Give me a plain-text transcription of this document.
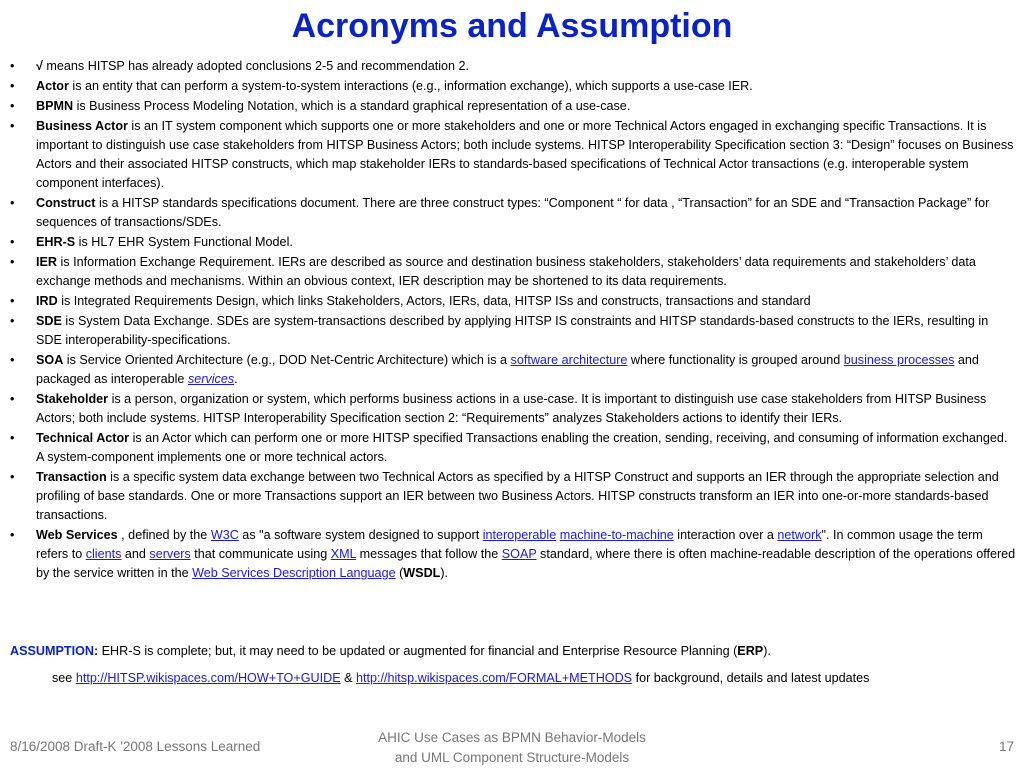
Acronyms and Assumption
• √ means HITSP has already adopted conclusions 2-5 and recommendation 2.
• Actor is an entity that can perform a system-to-system interactions (e.g., information exchange), which supports a use-case IER.
• BPMN is Business Process Modeling Notation, which is a standard graphical representation of a use-case.
• Business Actor is an IT system component which supports one or more stakeholders and one or more Technical Actors engaged in exchanging specific Transactions. It is important to distinguish use case stakeholders from HITSP Business Actors; both include systems. HITSP Interoperability Specification section 3: “Design” focuses on Business Actors and their associated HITSP constructs, which map stakeholder IERs to standards-based specifications of Technical Actor transactions (e.g. interoperable system component interfaces).
• Construct is a HITSP standards specifications document. There are three construct types: “Component “ for data , “Transaction” for an SDE and “Transaction Package” for sequences of transactions/SDEs.
• EHR-S is HL7 EHR System Functional Model.
• IER is Information Exchange Requirement. IERs are described as source and destination business stakeholders, stakeholders’ data requirements and stakeholders’ data exchange methods and mechanisms. Within an obvious context, IER description may be shortened to its data requirements.
• IRD is Integrated Requirements Design, which links Stakeholders, Actors, IERs, data, HITSP ISs and constructs, transactions and standard
• SDE is System Data Exchange. SDEs are system-transactions described by applying HITSP IS constraints and HITSP standards-based constructs to the IERs, resulting in SDE interoperability-specifications.
• SOA is Service Oriented Architecture (e.g., DOD Net-Centric Architecture) which is a software architecture where functionality is grouped around business processes and packaged as interoperable services.
• Stakeholder is a person, organization or system, which performs business actions in a use-case. It is important to distinguish use case stakeholders from HITSP Business Actors; both include systems. HITSP Interoperability Specification section 2: “Requirements” analyzes Stakeholders actions to identify their IERs.
• Technical Actor is an Actor which can perform one or more HITSP specified Transactions enabling the creation, sending, receiving, and consuming of information exchanged. A system-component implements one or more technical actors.
• Transaction is a specific system data exchange between two Technical Actors as specified by a HITSP Construct and supports an IER through the appropriate selection and profiling of base standards. One or more Transactions support an IER between two Business Actors. HITSP constructs transform an IER into one-or-more standards-based transactions.
• Web Services , defined by the W3C as "a software system designed to support interoperable machine-to-machine interaction over a network". In common usage the term refers to clients and servers that communicate using XML messages that follow the SOAP standard, where there is often machine-readable description of the operations offered by the service written in the Web Services Description Language (WSDL).
ASSUMPTION: EHR-S is complete; but, it may need to be updated or augmented for financial and Enterprise Resource Planning (ERP).
see http://HITSP.wikispaces.com/HOW+TO+GUIDE & http://hitsp.wikispaces.com/FORMAL+METHODS for background, details and latest updates
8/16/2008 Draft-K '2008 Lessons Learned
AHIC Use Cases as BPMN Behavior-Models
and UML Component Structure-Models
17
